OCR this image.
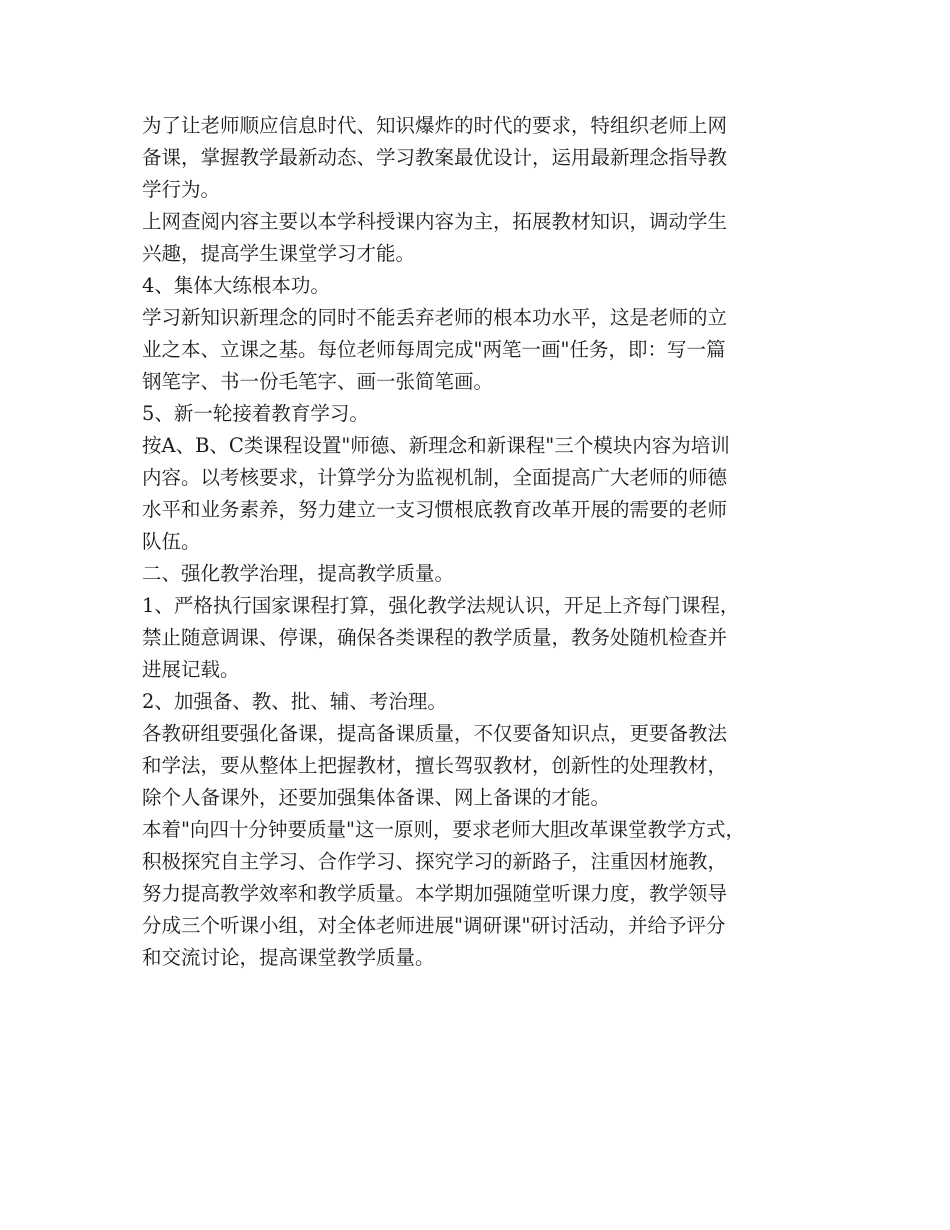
为了让老师顺应信息时代、知识爆炸的时代的要求，特组织老师上网
备课，掌握教学最新动态、学习教案最优设计，运用最新理念指导教
学行为。
上网查阅内容主要以本学科授课内容为主，拓展教材知识，调动学生
兴趣，提高学生课堂学习才能。
4、集体大练根本功。
学习新知识新理念的同时不能丢弃老师的根本功水平，这是老师的立
业之本、立课之基。每位老师每周完成"两笔一画"任务，即：写一篇
钢笔字、书一份毛笔字、画一张简笔画。
5、新一轮接着教育学习。
按A、B、C类课程设置"师德、新理念和新课程"三个模块内容为培训
内容。以考核要求，计算学分为监视机制，全面提高广大老师的师德
水平和业务素养，努力建立一支习惯根底教育改革开展的需要的老师
队伍。
二、强化教学治理，提高教学质量。
1、严格执行国家课程打算，强化教学法规认识，开足上齐每门课程，
禁止随意调课、停课，确保各类课程的教学质量，教务处随机检查并
进展记载。
2、加强备、教、批、辅、考治理。
各教研组要强化备课，提高备课质量，不仅要备知识点，更要备教法
和学法，要从整体上把握教材，擅长驾驭教材，创新性的处理教材，
除个人备课外，还要加强集体备课、网上备课的才能。
本着"向四十分钟要质量"这一原则，要求老师大胆改革课堂教学方式，
积极探究自主学习、合作学习、探究学习的新路子，注重因材施教，
努力提高教学效率和教学质量。本学期加强随堂听课力度，教学领导
分成三个听课小组，对全体老师进展"调研课"研讨活动，并给予评分
和交流讨论，提高课堂教学质量。
